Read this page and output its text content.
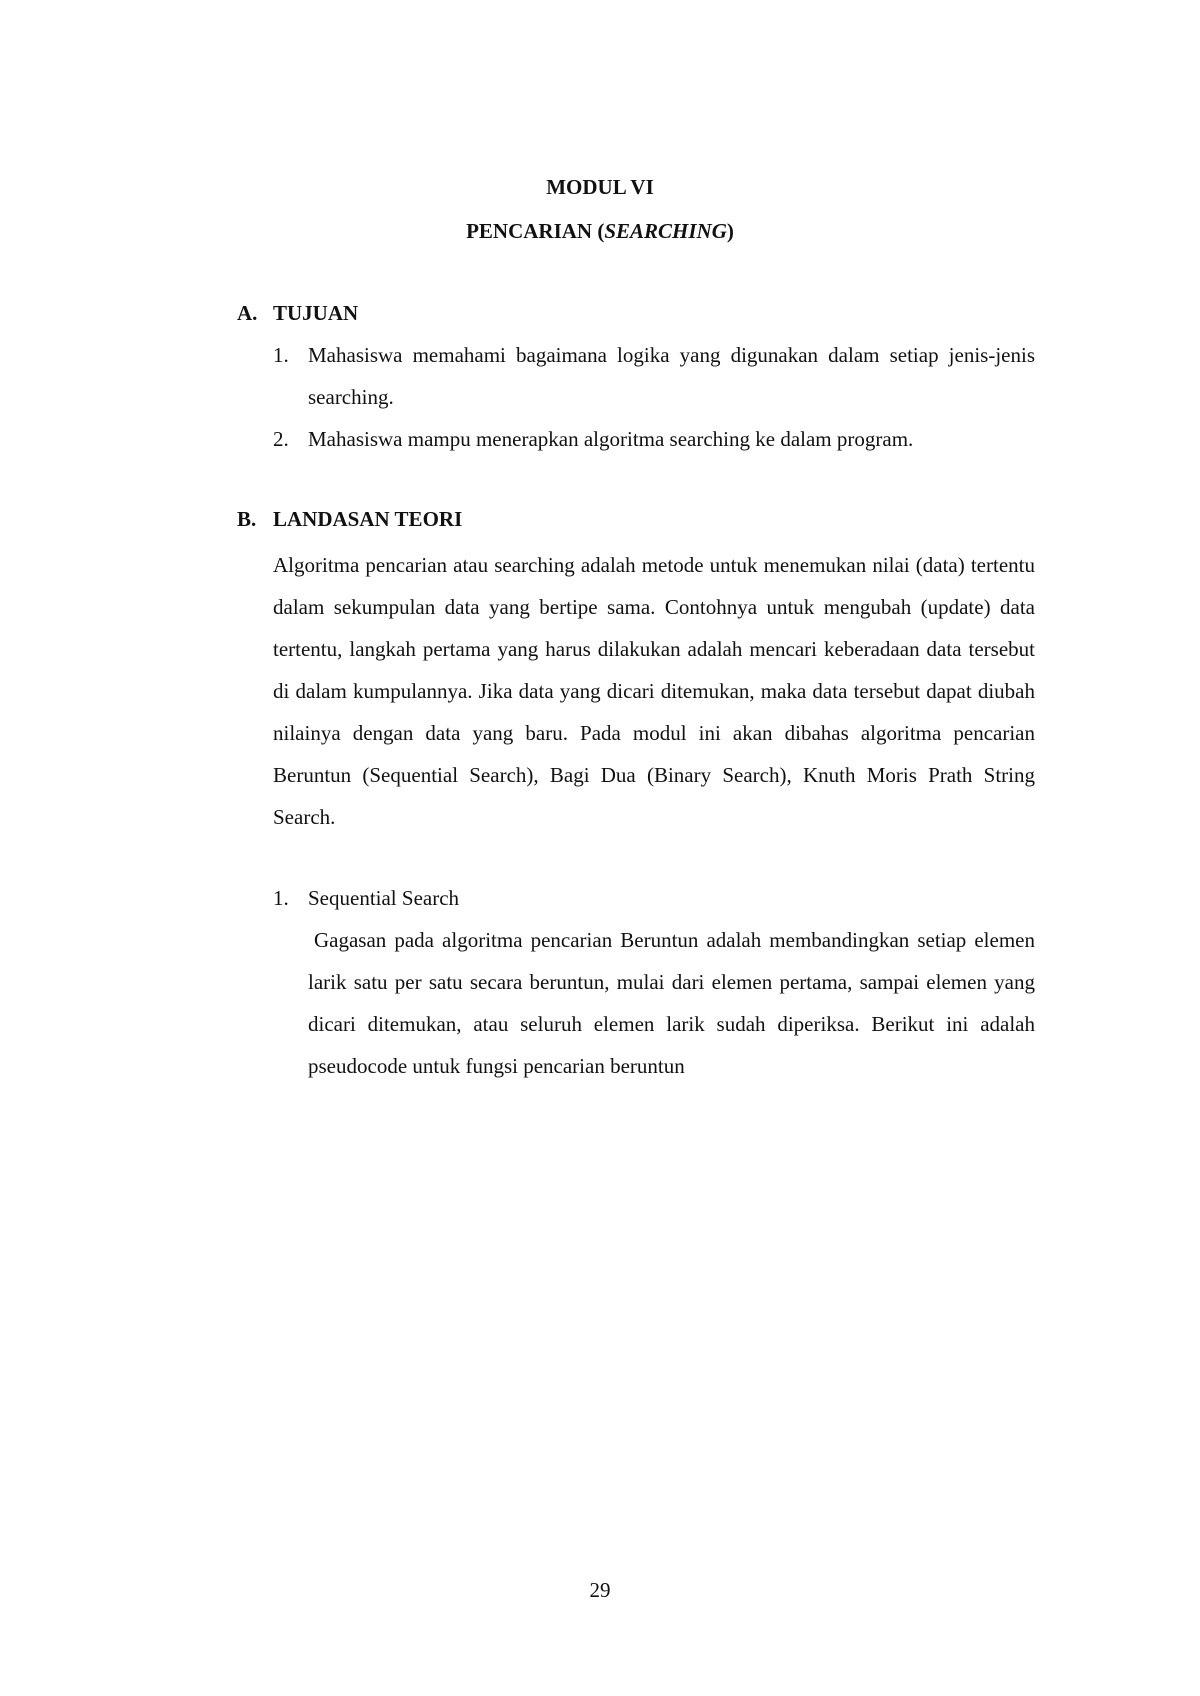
MODUL VI
PENCARIAN (SEARCHING)
A. TUJUAN
1. Mahasiswa memahami bagaimana logika yang digunakan dalam setiap jenis-jenis searching.
2. Mahasiswa mampu menerapkan algoritma searching ke dalam program.
B. LANDASAN TEORI
Algoritma pencarian atau searching adalah metode untuk menemukan nilai (data) tertentu dalam sekumpulan data yang bertipe sama. Contohnya untuk mengubah (update) data tertentu, langkah pertama yang harus dilakukan adalah mencari keberadaan data tersebut di dalam kumpulannya. Jika data yang dicari ditemukan, maka data tersebut dapat diubah nilainya dengan data yang baru. Pada modul ini akan dibahas algoritma pencarian Beruntun (Sequential Search), Bagi Dua (Binary Search), Knuth Moris Prath String Search.
1. Sequential Search
Gagasan pada algoritma pencarian Beruntun adalah membandingkan setiap elemen larik satu per satu secara beruntun, mulai dari elemen pertama, sampai elemen yang dicari ditemukan, atau seluruh elemen larik sudah diperiksa. Berikut ini adalah pseudocode untuk fungsi pencarian beruntun
29
